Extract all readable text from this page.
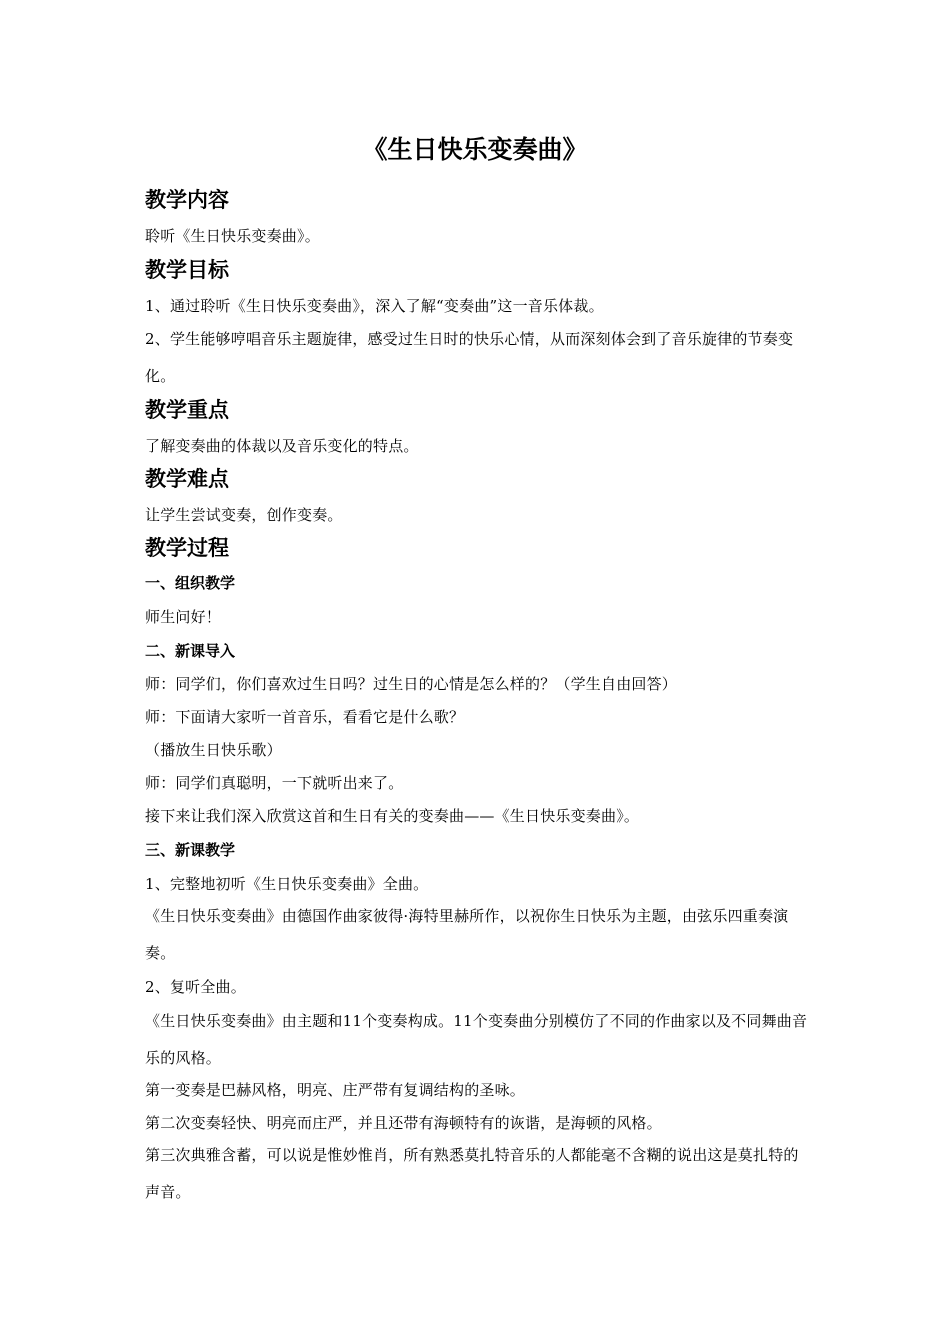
《生日快乐变奏曲》
教学内容

聆听《生日快乐变奏曲》。

教学目标

1、通过聆听《生日快乐变奏曲》，深入了解“变奏曲”这一音乐体裁。

2、学生能够哼唱音乐主题旋律，感受过生日时的快乐心情，从而深刻体会到了音乐旋律的节奏变化。

教学重点

了解变奏曲的体裁以及音乐变化的特点。

教学难点

让学生尝试变奏，创作变奏。

教学过程
一、组织教学

师生问好！

二、新课导入

师：同学们，你们喜欢过生日吗？过生日的心情是怎么样的？（学生自由回答）

师：下面请大家听一首音乐，看看它是什么歌？

（播放生日快乐歌）

师：同学们真聪明，一下就听出来了。

接下来让我们深入欣赏这首和生日有关的变奏曲——《生日快乐变奏曲》。

三、新课教学

1、完整地初听《生日快乐变奏曲》全曲。

《生日快乐变奏曲》由德国作曲家彼得·海特里赫所作，以祝你生日快乐为主题，由弦乐四重奏演奏。

2、复听全曲。

《生日快乐变奏曲》由主题和11个变奏构成。11个变奏曲分别模仿了不同的作曲家以及不同舞曲音乐的风格。

第一变奏是巴赫风格，明亮、庄严带有复调结构的圣咏。

第二次变奏轻快、明亮而庄严，并且还带有海顿特有的诙谐，是海顿的风格。

第三次典雅含蓄，可以说是惟妙惟肖，所有熟悉莫扎特音乐的人都能毫不含糊的说出这是莫扎特的声音。
